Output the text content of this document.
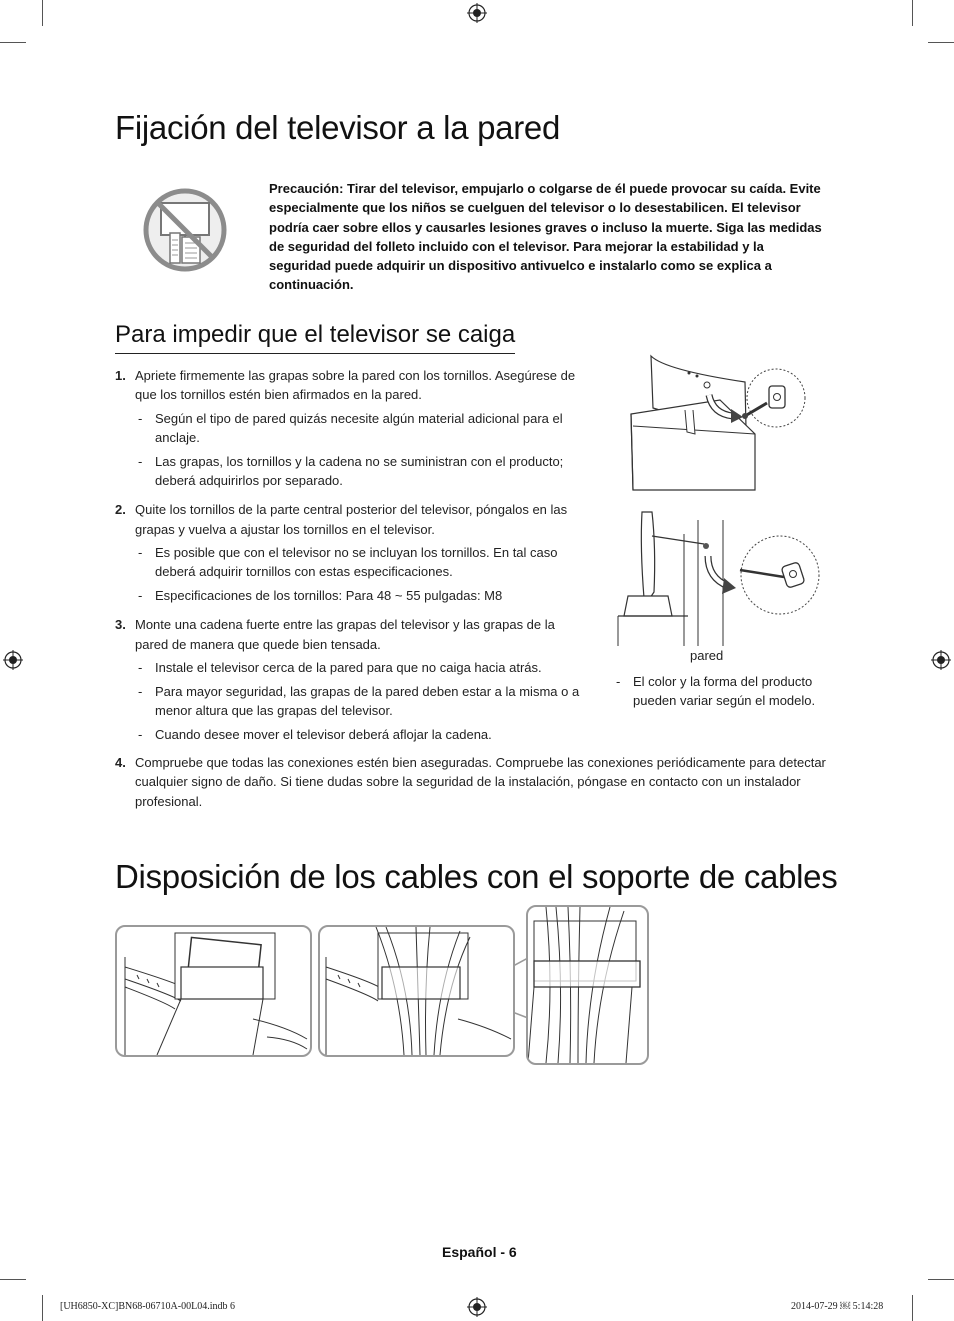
Fijación del televisor a la pared
Precaución: Tirar del televisor, empujarlo o colgarse de él puede provocar su caída. Evite especialmente que los niños se cuelguen del televisor o lo desestabilicen. El televisor podría caer sobre ellos y causarles lesiones graves o incluso la muerte. Siga las medidas de seguridad del folleto incluido con el televisor. Para mejorar la estabilidad y la seguridad puede adquirir un dispositivo antivuelco e instalarlo como se explica a continuación.
Para impedir que el televisor se caiga
1. Apriete firmemente las grapas sobre la pared con los tornillos. Asegúrese de que los tornillos estén bien afirmados en la pared.
- Según el tipo de pared quizás necesite algún material adicional para el anclaje.
- Las grapas, los tornillos y la cadena no se suministran con el producto; deberá adquirirlos por separado.
2. Quite los tornillos de la parte central posterior del televisor, póngalos en las grapas y vuelva a ajustar los tornillos en el televisor.
- Es posible que con el televisor no se incluyan los tornillos. En tal caso deberá adquirir tornillos con estas especificaciones.
- Especificaciones de los tornillos: Para 48 ~ 55 pulgadas: M8
3. Monte una cadena fuerte entre las grapas del televisor y las grapas de la pared de manera que quede bien tensada.
- Instale el televisor cerca de la pared para que no caiga hacia atrás.
- Para mayor seguridad, las grapas de la pared deben estar a la misma o a menor altura que las grapas del televisor.
- Cuando desee mover el televisor deberá aflojar la cadena.
4. Compruebe que todas las conexiones estén bien aseguradas. Compruebe las conexiones periódicamente para detectar cualquier signo de daño. Si tiene dudas sobre la seguridad de la instalación, póngase en contacto con un instalador profesional.
pared
- El color y la forma del producto pueden variar según el modelo.
Disposición de los cables con el soporte de cables
Español - 6
[UH6850-XC]BN68-06710A-00L04.indb 6	2014-07-29 ￼ 5:14:28
